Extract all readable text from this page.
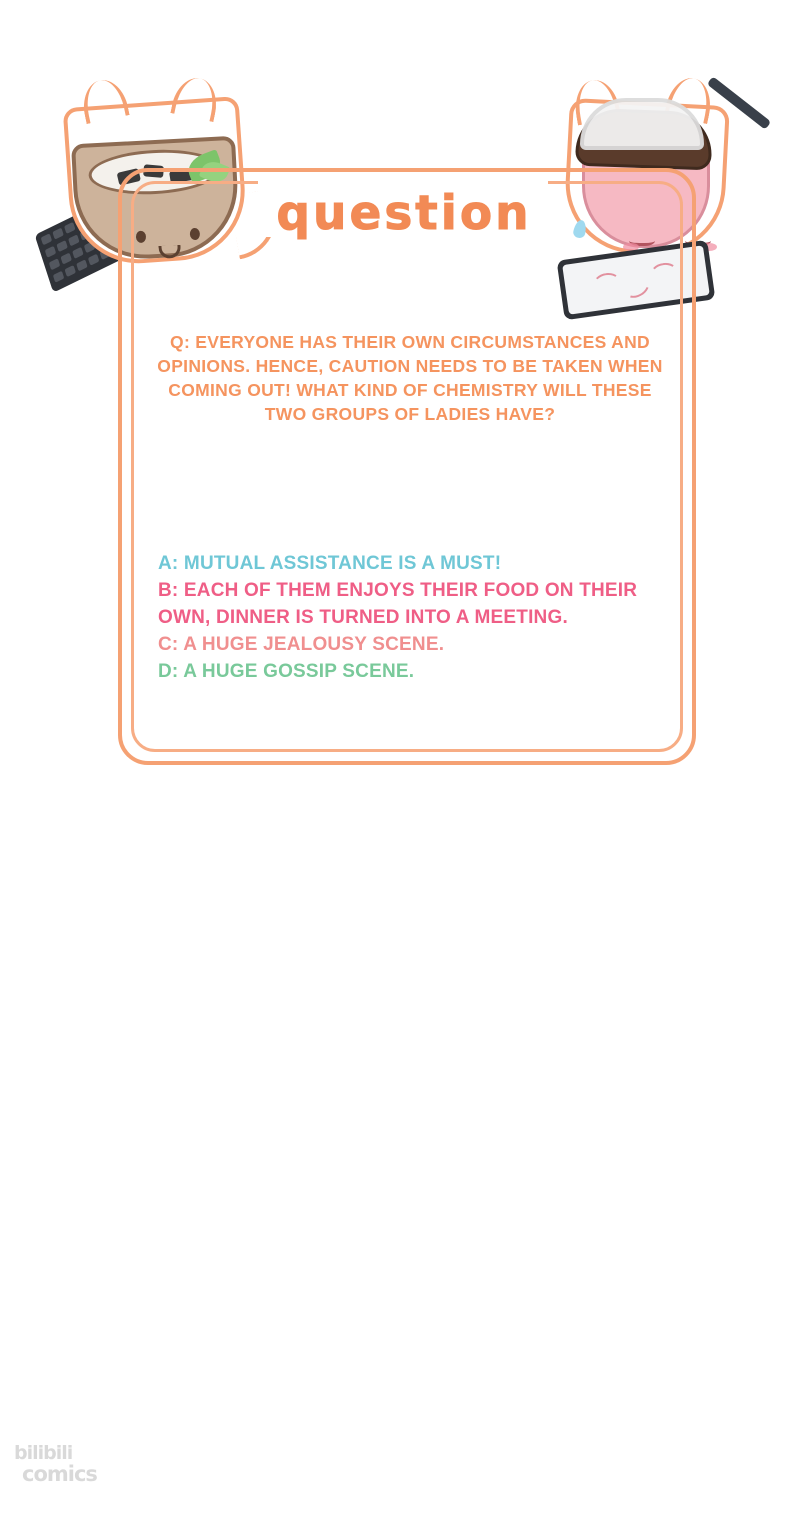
question
Q: EVERYONE HAS THEIR OWN CIRCUMSTANCES AND OPINIONS. HENCE, CAUTION NEEDS TO BE TAKEN WHEN COMING OUT! WHAT KIND OF CHEMISTRY WILL THESE TWO GROUPS OF LADIES HAVE?
A: MUTUAL ASSISTANCE IS A MUST!
B: EACH OF THEM ENJOYS THEIR FOOD ON THEIR OWN, DINNER IS TURNED INTO A MEETING.
C: A HUGE JEALOUSY SCENE.
D: A HUGE GOSSIP SCENE.
bilibili
comics
